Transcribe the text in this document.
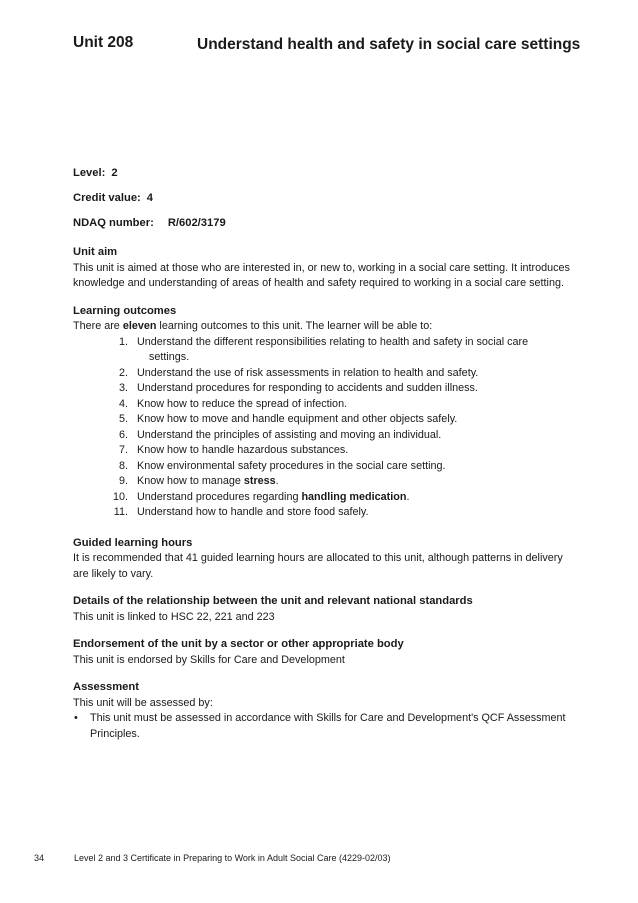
Unit 208	Understand health and safety in social care settings
Level: 2
Credit value: 4
NDAQ number: R/602/3179

Unit aim

This unit is aimed at those who are interested in, or new to, working in a social care setting. It introduces knowledge and understanding of areas of health and safety required to working in a social care setting.

Learning outcomes

There are eleven learning outcomes to this unit. The learner will be able to:

1. Understand the different responsibilities relating to health and safety in social care
settings.
2. Understand the use of risk assessments in relation to health and safety.
3. Understand procedures for responding to accidents and sudden illness.
4. Know how to reduce the spread of infection.
5. Know how to move and handle equipment and other objects safely.
6. Understand the principles of assisting and moving an individual.
7. Know how to handle hazardous substances.
8. Know environmental safety procedures in the social care setting.
9. Know how to manage stress.
10. Understand procedures regarding handling medication.
11. Understand how to handle and store food safely.

Guided learning hours

It is recommended that 41 guided learning hours are allocated to this unit, although patterns in delivery are likely to vary.

Details of the relationship between the unit and relevant national standards

This unit is linked to HSC 22, 221 and 223

Endorsement of the unit by a sector or other appropriate body

This unit is endorsed by Skills for Care and Development

Assessment

This unit will be assessed by:

• This unit must be assessed in accordance with Skills for Care and Development's QCF Assessment Principles.
34	Level 2 and 3 Certificate in Preparing to Work in Adult Social Care (4229-02/03)
